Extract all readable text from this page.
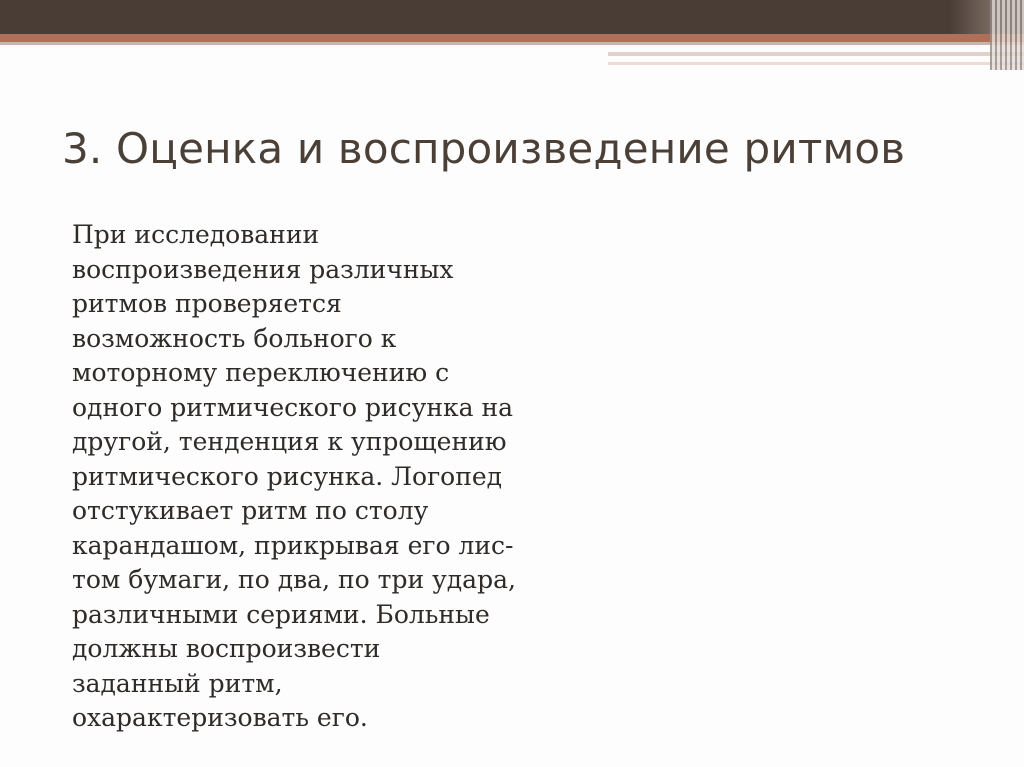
3. Оценка и воспроизведение ритмов
При исследовании
воспроизведения различных
ритмов проверяется
возможность больного к
моторному переключению с
одного ритмического рисунка на
другой, тенденция к упрощению
ритмического рисунка. Логопед
отстукивает ритм по столу
карандашом, прикрывая его лис-
том бумаги, по два, по три удара,
различными сериями. Больные
должны воспроизвести
заданный ритм,
охарактеризовать его.
